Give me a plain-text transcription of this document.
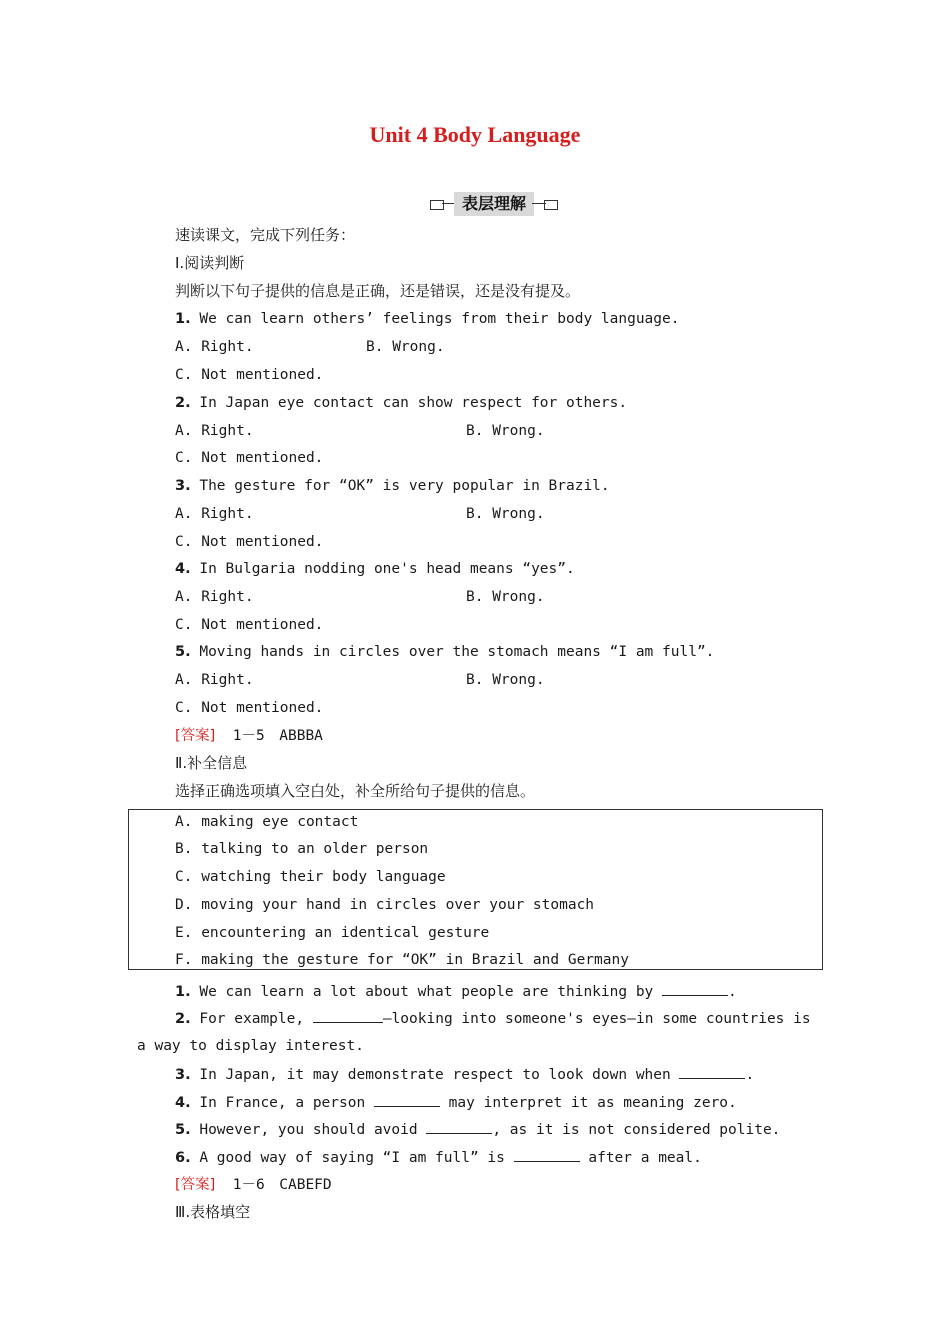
Unit 4 Body Language
表层理解
速读课文，完成下列任务：
Ⅰ.阅读判断
判断以下句子提供的信息是正确，还是错误，还是没有提及。
1. We can learn others’ feelings from their body language.
A. Right.	B. Wrong.
C. Not mentioned.
2. In Japan eye contact can show respect for others.
A. Right.	B. Wrong.
C. Not mentioned.
3. The gesture for “OK” is very popular in Brazil.
A. Right.	B. Wrong.
C. Not mentioned.
4. In Bulgaria nodding one's head means “yes”.
A. Right.	B. Wrong.
C. Not mentioned.
5. Moving hands in circles over the stomach means “I am full”.
A. Right.	B. Wrong.
C. Not mentioned.
[答案] 1－5　ABBBA
Ⅱ.补全信息
选择正确选项填入空白处，补全所给句子提供的信息。
A. making eye contact
B. talking to an older person
C. watching their body language
D. moving your hand in circles over your stomach
E. encountering an identical gesture
F. making the gesture for “OK” in Brazil and Germany
1. We can learn a lot about what people are thinking by	.
2. For example,	—looking into someone's eyes—in some countries is
a way to display interest.
3. In Japan, it may demonstrate respect to look down when	.
4. In France, a person	may interpret it as meaning zero.
5. However, you should avoid	, as it is not considered polite.
6. A good way of saying “I am full” is	after a meal.
[答案] 1－6　CABEFD
Ⅲ.表格填空
